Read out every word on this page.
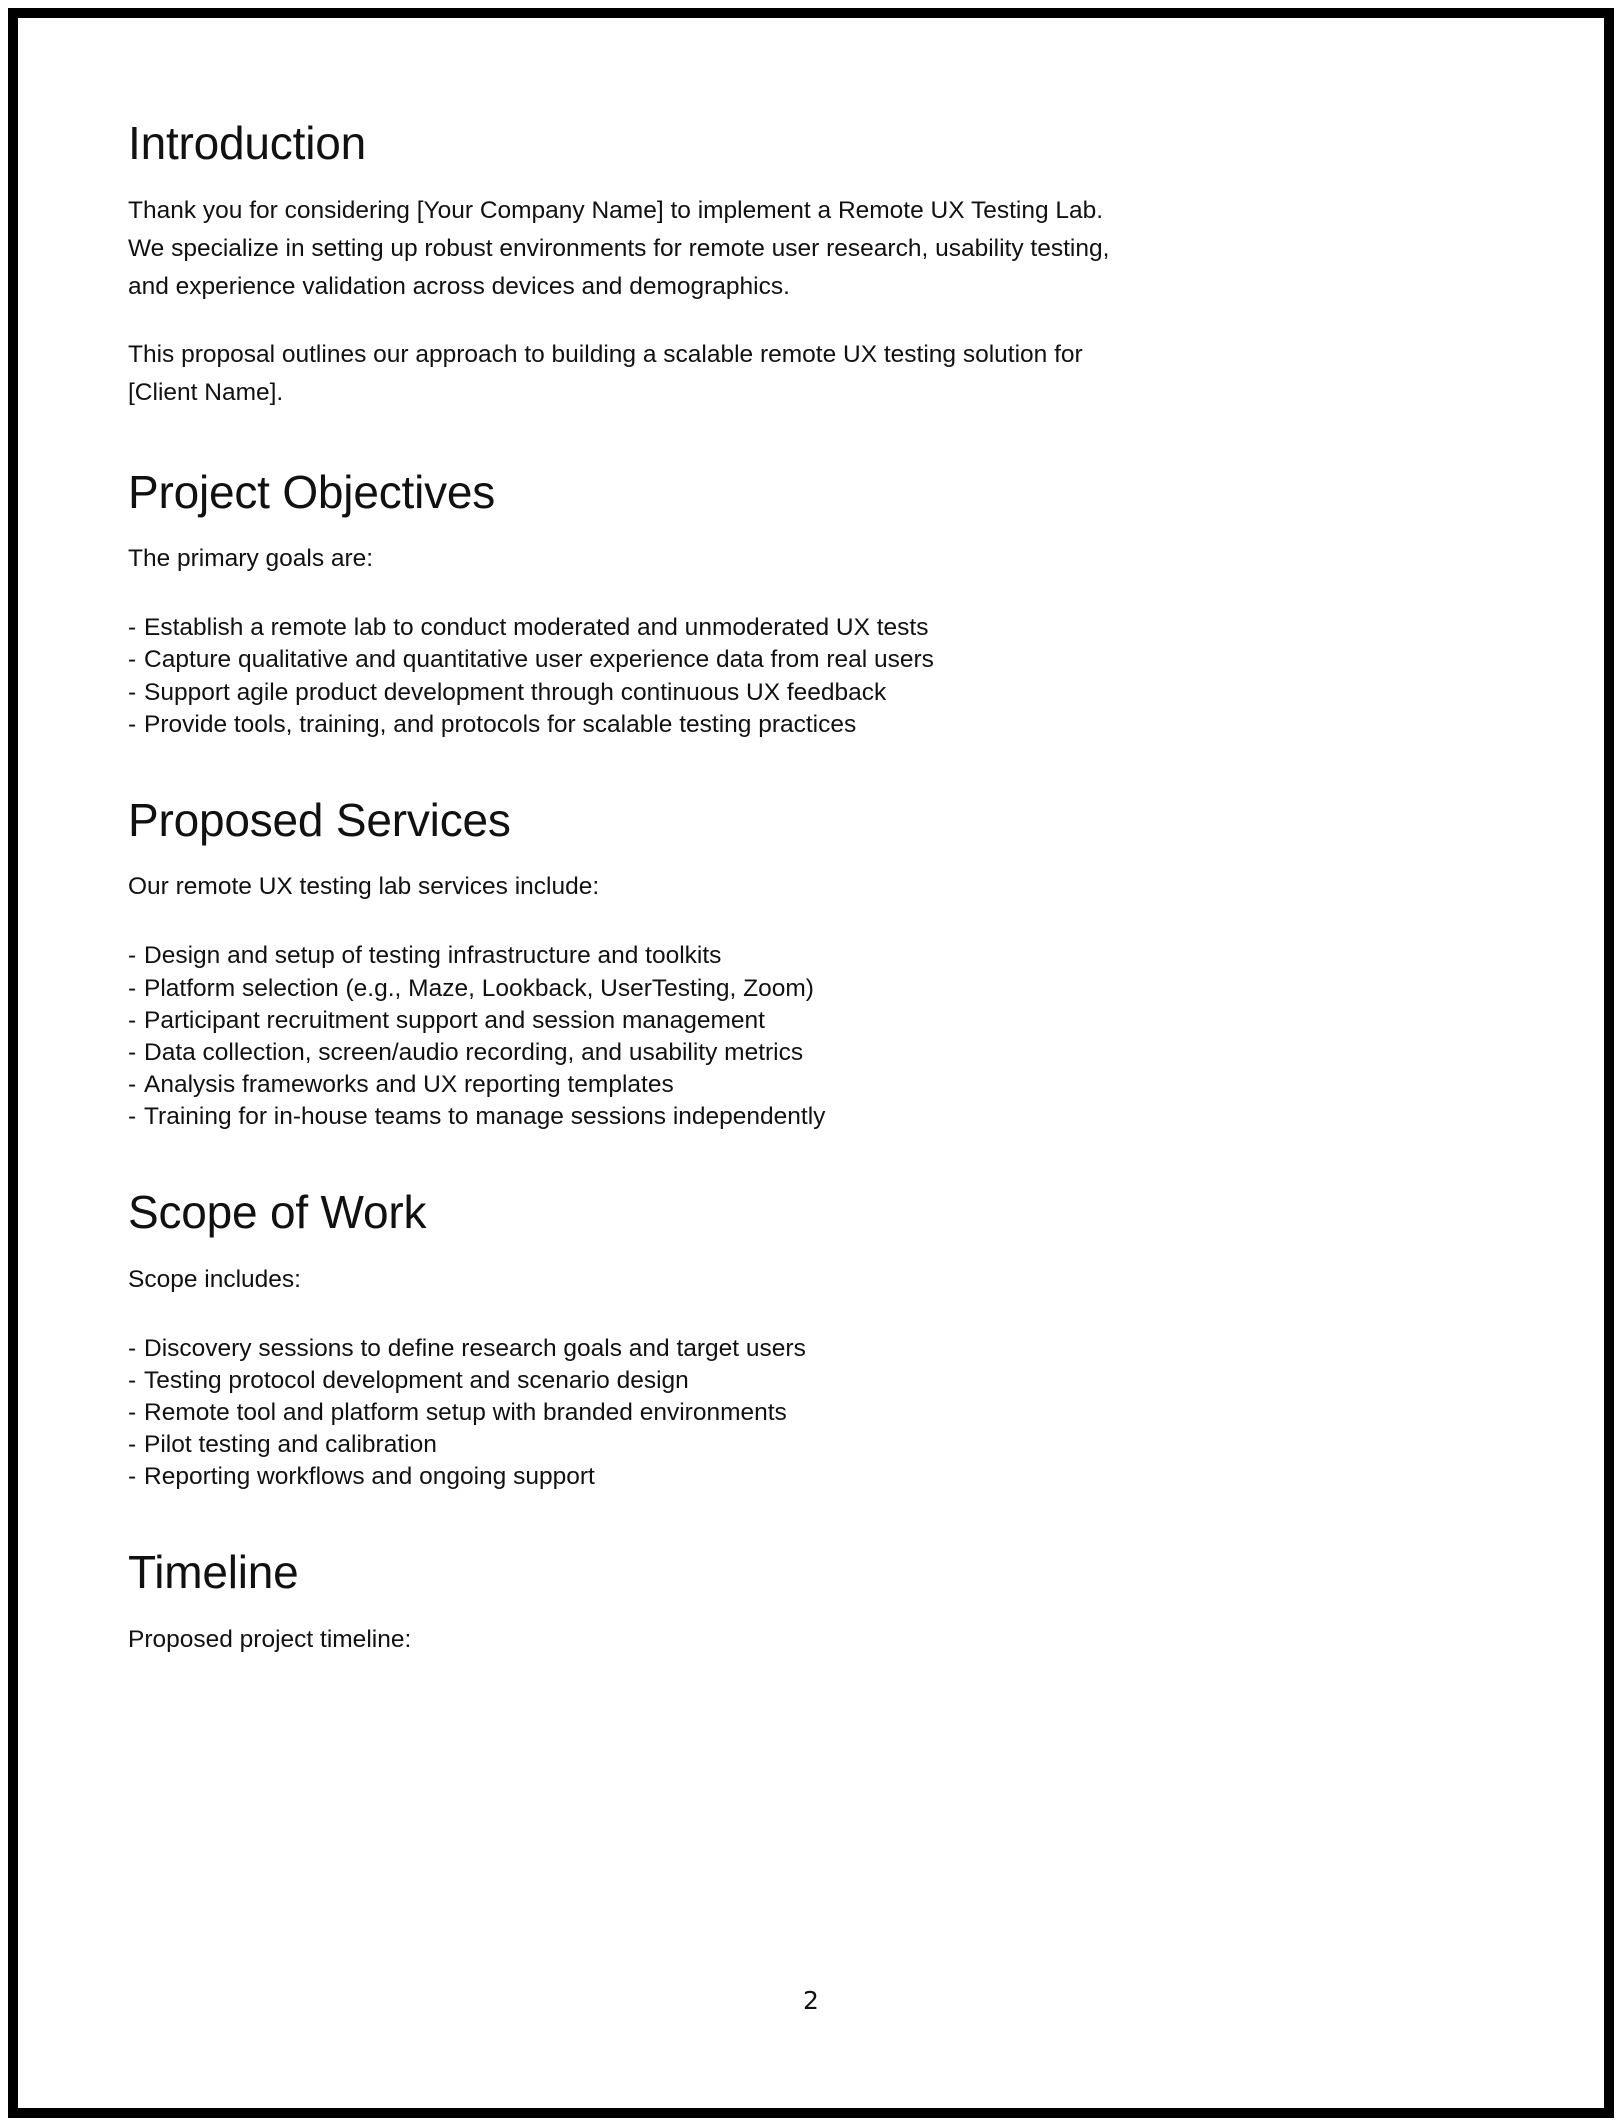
Introduction

Thank you for considering [Your Company Name] to implement a Remote UX Testing Lab. We specialize in setting up robust environments for remote user research, usability testing, and experience validation across devices and demographics.

This proposal outlines our approach to building a scalable remote UX testing solution for [Client Name].

Project Objectives

The primary goals are:

- Establish a remote lab to conduct moderated and unmoderated UX tests
- Capture qualitative and quantitative user experience data from real users
- Support agile product development through continuous UX feedback
- Provide tools, training, and protocols for scalable testing practices
Proposed Services

Our remote UX testing lab services include:

- Design and setup of testing infrastructure and toolkits
- Platform selection (e.g., Maze, Lookback, UserTesting, Zoom)
- Participant recruitment support and session management
- Data collection, screen/audio recording, and usability metrics
- Analysis frameworks and UX reporting templates
- Training for in-house teams to manage sessions independently
Scope of Work

Scope includes:

- Discovery sessions to define research goals and target users
- Testing protocol development and scenario design
- Remote tool and platform setup with branded environments
- Pilot testing and calibration
- Reporting workflows and ongoing support
Timeline

Proposed project timeline:

2
